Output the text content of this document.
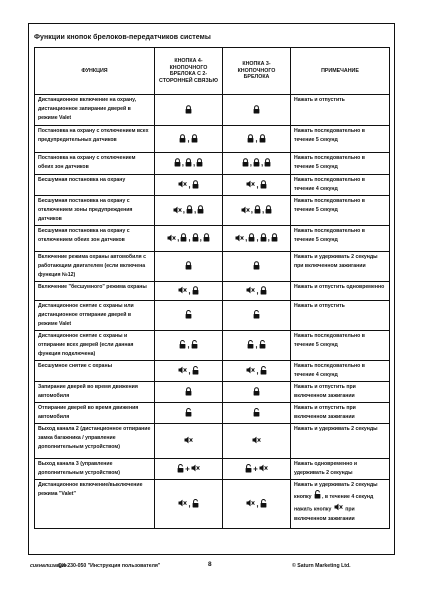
Функции кнопок брелоков-передатчиков системы
ФУНКЦИЯ	КНОПКА 4-КНОПОЧНОГО БРЕЛОКА С 2-СТОРОННЕЙ СВЯЗЬЮ	КНОПКА 3-КНОПОЧНОГО БРЕЛОКА	ПРИМЕЧАНИЕ
Дистанционное включение на охрану, дистанционное запирание дверей в режиме Valet			Нажать и отпустить
Постановка на охрану с отключением всех предупредительных датчиков	,	,	Нажать последовательно в течение 5 секунд
Постановка на охрану с отключением обеих зон датчиков	, ,	, ,	Нажать последовательно в течение 5 секунд
Бесшумная постановка на охрану	,	,	Нажать последовательно в течение 4 секунд
Бесшумная постановка на охрану с отключением зоны предупреждения датчиков	, ,	, ,	Нажать последовательно в течение 5 секунд
Бесшумная постановка на охрану с отключением обеих зон датчиков	, , ,	, , ,	Нажать последовательно в течение 5 секунд
Включение режима охраны автомобиля с работающим двигателем (если включена функция №12)			Нажать и удерживать 2 секунды при включенном зажигании
Включение "бесшумного" режима охраны	,	,	Нажать и отпустить одновременно
Дистанционное снятие с охраны или дистанционное отпирание дверей в режиме Valet			Нажать и отпустить
Дистанционное снятие с охраны и отпирание всех дверей (если данная функция подключена)	,	,	Нажать последовательно в течение 5 секунд
Бесшумное снятие с охраны	,	,	Нажать последовательно в течение 4 секунд
Запирание дверей во время движения автомобиля			Нажать и отпустить при включенном зажигании
Отпирание дверей во время движения автомобиля			Нажать и отпустить при включенном зажигании
Выход канала 2 (дистанционное отпирание замка багажника / управление дополнительным устройством)			Нажать и удерживать 2 секунды
Выход канала 3 (управление дополнительным устройством)	+	+	Нажать одновременно и удерживать 2 секунды
Дистанционное включение/выключение режима "Valet"	,	,	Нажать и удерживать 2 секунды кнопку , в течение 4 секунд нажать кнопку  при включенном зажигании
сигнализация
QX-230-050 "Инструкция пользователя"	8	© Saturn Marketing Ltd.
